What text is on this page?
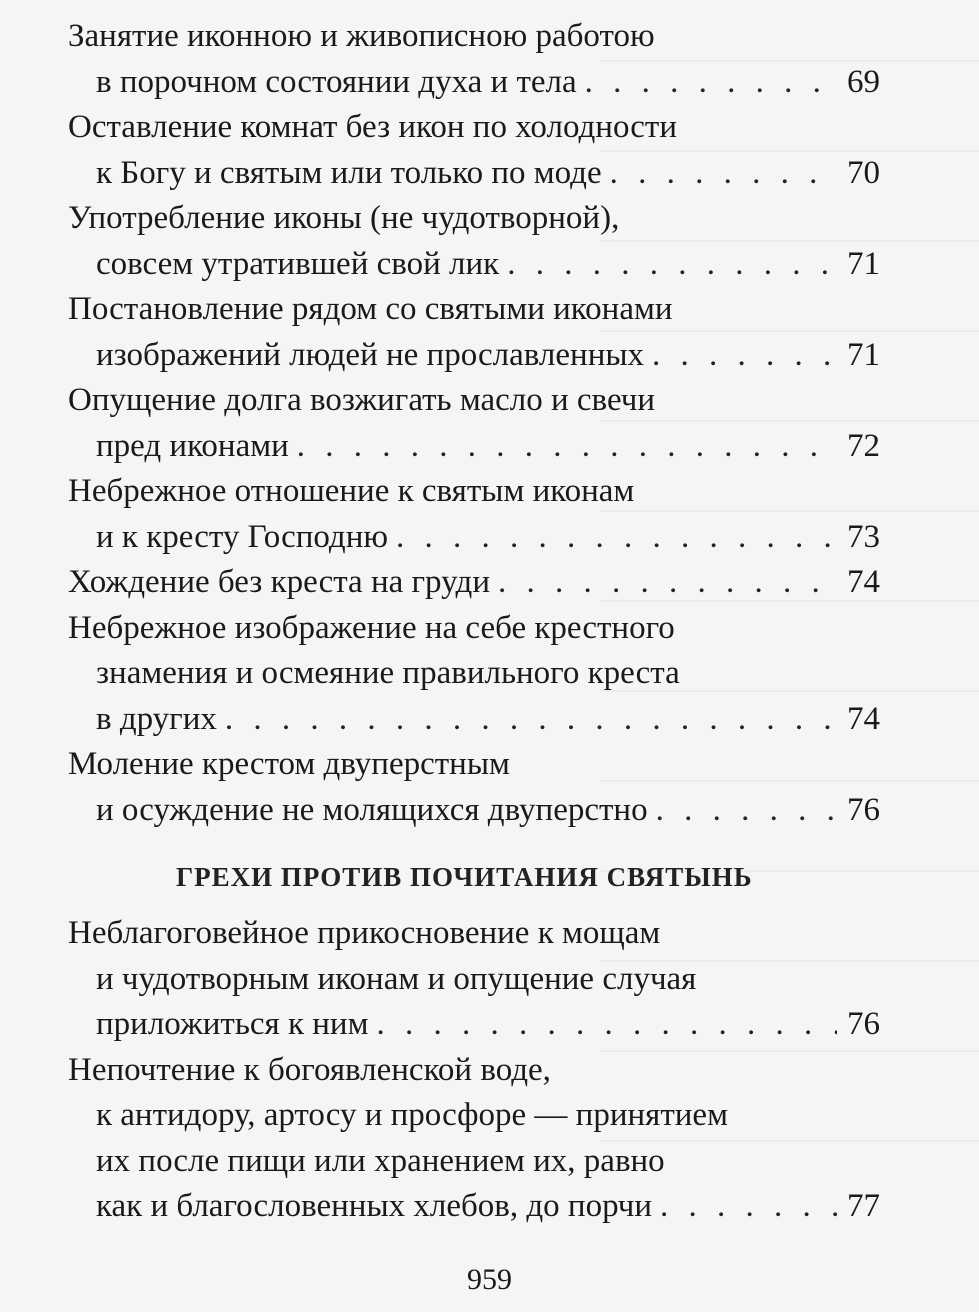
Занятие иконною и живописною работою
в порочном состоянии духа и тела . . .	69
Оставление комнат без икон по холодности
к Богу и святым или только по моде . . .	70
Употребление иконы (не чудотворной),
совсем утратившей свой лик . . .	71
Постановление рядом со святыми иконами
изображений людей не прославленных . . .	71
Опущение долга возжигать масло и свечи
пред иконами . . .	72
Небрежное отношение к святым иконам
и к кресту Господню . . .	73
Хождение без креста на груди . . .	74
Небрежное изображение на себе крестного
знамения и осмеяние правильного креста
в других . . .	74
Моление крестом двуперстным
и осуждение не молящихся двуперстно . . .	76
ГРЕХИ ПРОТИВ ПОЧИТАНИЯ СВЯТЫНЬ
Неблагоговейное прикосновение к мощам
и чудотворным иконам и опущение случая
приложиться к ним . . .	76
Непочтение к богоявленской воде,
к антидору, артосу и просфоре — принятием
их после пищи или хранением их, равно
как и благословенных хлебов, до порчи . . .	77
959
